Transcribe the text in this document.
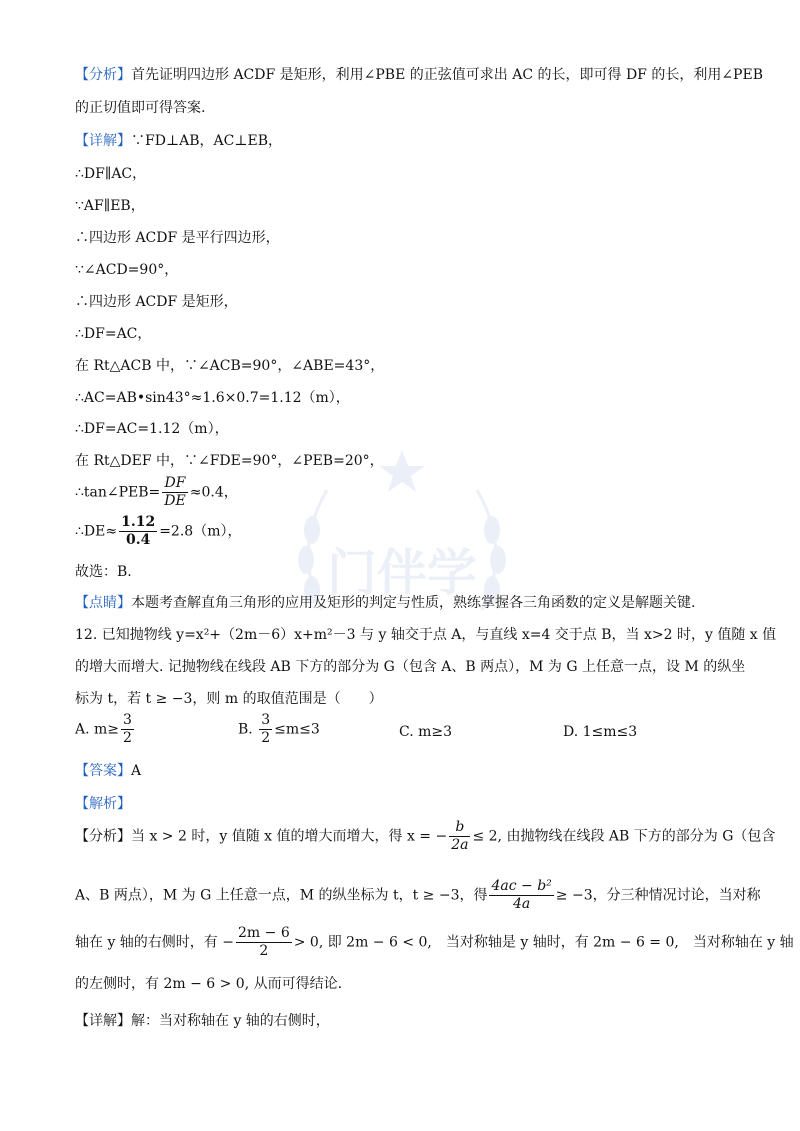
门伴学
【分析】首先证明四边形 ACDF 是矩形，利用∠PBE 的正弦值可求出 AC 的长，即可得 DF 的长，利用∠PEB
的正切值即可得答案.
【详解】∵FD⊥AB，AC⊥EB，
∴DF∥AC，
∵AF∥EB，
∴四边形 ACDF 是平行四边形，
∵∠ACD=90°，
∴四边形 ACDF 是矩形，
∴DF=AC，
在 Rt△ACB 中，∵∠ACB=90°，∠ABE=43°，
∴AC=AB•sin43°≈1.6×0.7=1.12（m），
∴DF=AC=1.12（m），
在 Rt△DEF 中，∵∠FDE=90°，∠PEB=20°，
∴tan∠PEB= $\frac{DF}{DE} \approx 0.4$，
∴DE≈ $\frac{1.12}{0.4} =2.8(m)$，
故选：B.
【点睛】本题考查解直角三角形的应用及矩形的判定与性质，熟练掌握各三角函数的定义是解题关键.
12. 已知抛物线 y=x²+（2m－6）x+m²－3 与 y 轴交于点 A，与直线 x=4 交于点 B，当 x>2 时，y 值随 x 值
的增大而增大. 记抛物线在线段 AB 下方的部分为 G（包含 A、B 两点），M 为 G 上任意一点，设 M 的纵坐
标为 t，若 t ≥ −3，则 m 的取值范围是（　　）
A. $m\ge \frac{3}{2}$	B. $\frac{3}{2} \le m\le 3$	C. m≥3	D. 1≤m≤3
【答案】A
【解析】
【分析】当 x > 2 时，y 值随 x 值的增大而增大，得 x = − $\frac{b}{2a} \le 2$, 由抛物线在线段 AB 下方的部分为 G（包含
A、B 两点），M 为 G 上任意一点，M 的纵坐标为 t，t ≥ −3，得 $\frac{\text{4ac − b²}}{4a} \ge -3$，分三种情况讨论，当对称
轴在 y 轴的右侧时，有 − $\frac{2m - 6}{2} > 0$, 即 2m − 6 < 0,　当对称轴是 y 轴时，有 2m − 6 = 0,　当对称轴在 y 轴
的左侧时，有 2m − 6 > 0, 从而可得结论.
【详解】解：当对称轴在 y 轴的右侧时，
